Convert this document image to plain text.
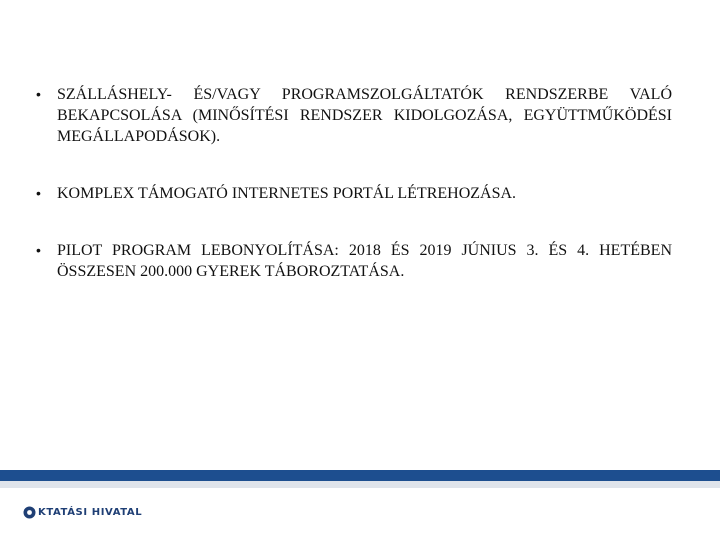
• SZÁLLÁSHELY- ÉS/VAGY PROGRAMSZOLGÁLTATÓK RENDSZERBE VALÓ BEKAPCSOLÁSA (MINŐSÍTÉSI RENDSZER KIDOLGOZÁSA, EGYÜTTMŰKÖDÉSI MEGÁLLAPODÁSOK).
• KOMPLEX TÁMOGATÓ INTERNETES PORTÁL LÉTREHOZÁSA.
• PILOT PROGRAM LEBONYOLÍTÁSA: 2018 ÉS 2019 JÚNIUS 3. ÉS 4. HETÉBEN ÖSSZESEN 200.000 GYEREK TÁBOROZTATÁSA.
KTATÁSI HIVATAL
